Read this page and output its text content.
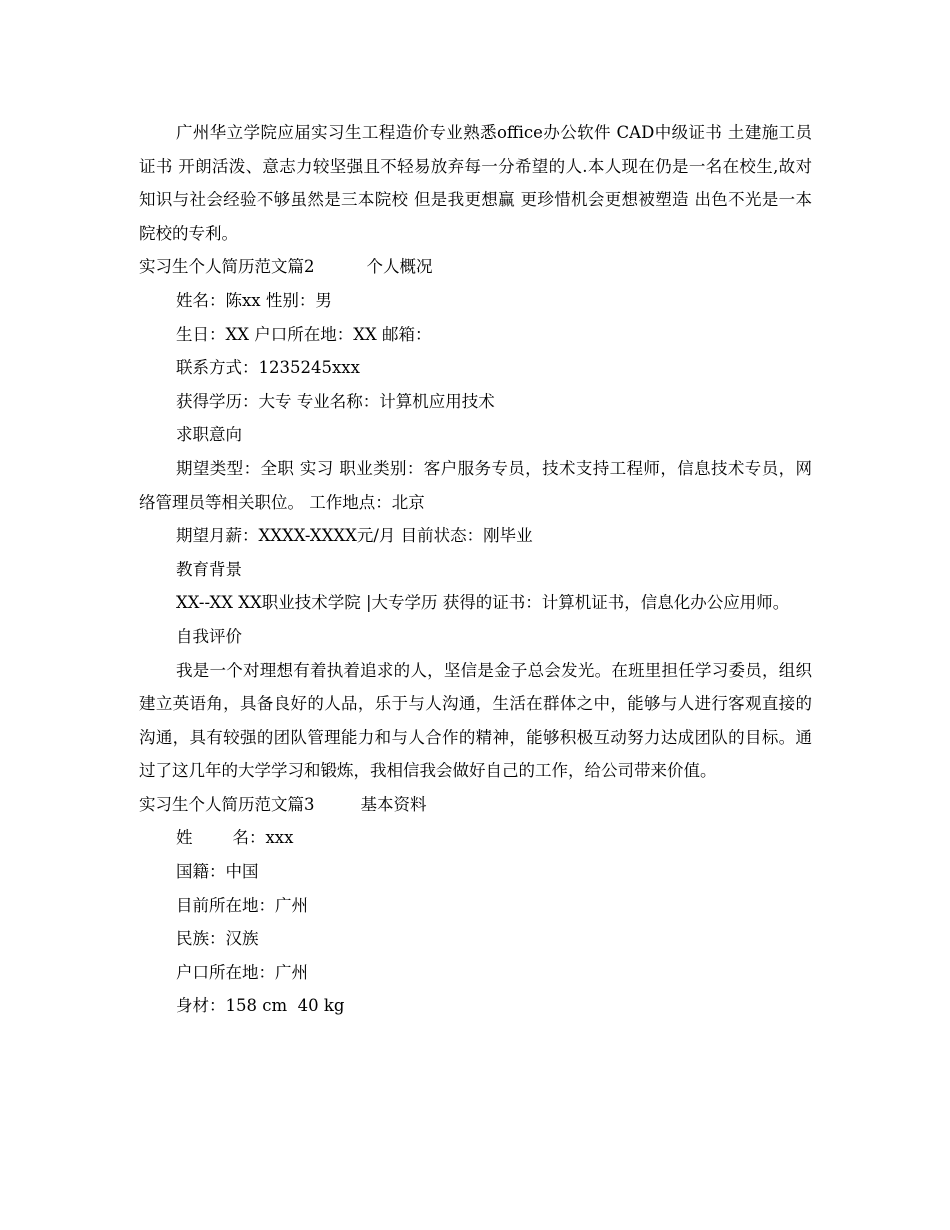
广州华立学院应届实习生工程造价专业熟悉office办公软件 CAD中级证书 土建施工员证书 开朗活泼、意志力较坚强且不轻易放弃每一分希望的人.本人现在仍是一名在校生,故对知识与社会经验不够虽然是三本院校 但是我更想赢 更珍惜机会更想被塑造 出色不光是一本院校的专利。

实习生个人简历范文篇2	个人概况

姓名：陈xx 性别：男

生日：XX 户口所在地：XX 邮箱：

联系方式：1235245xxx

获得学历：大专 专业名称：计算机应用技术

求职意向

期望类型：全职 实习 职业类别：客户服务专员，技术支持工程师，信息技术专员，网络管理员等相关职位。 工作地点：北京

期望月薪：XXXX-XXXX元/月 目前状态：刚毕业

教育背景

XX--XX XX职业技术学院 |大专学历 获得的证书：计算机证书，信息化办公应用师。

自我评价

我是一个对理想有着执着追求的人，坚信是金子总会发光。在班里担任学习委员，组织建立英语角，具备良好的人品，乐于与人沟通，生活在群体之中，能够与人进行客观直接的沟通，具有较强的团队管理能力和与人合作的精神，能够积极互动努力达成团队的目标。通过了这几年的大学学习和锻炼，我相信我会做好自己的工作，给公司带来价值。

实习生个人简历范文篇3	基本资料

姓 名：xxx

国籍：中国

目前所在地：广州

民族：汉族

户口所在地：广州

身材：158 cm  40 kg
